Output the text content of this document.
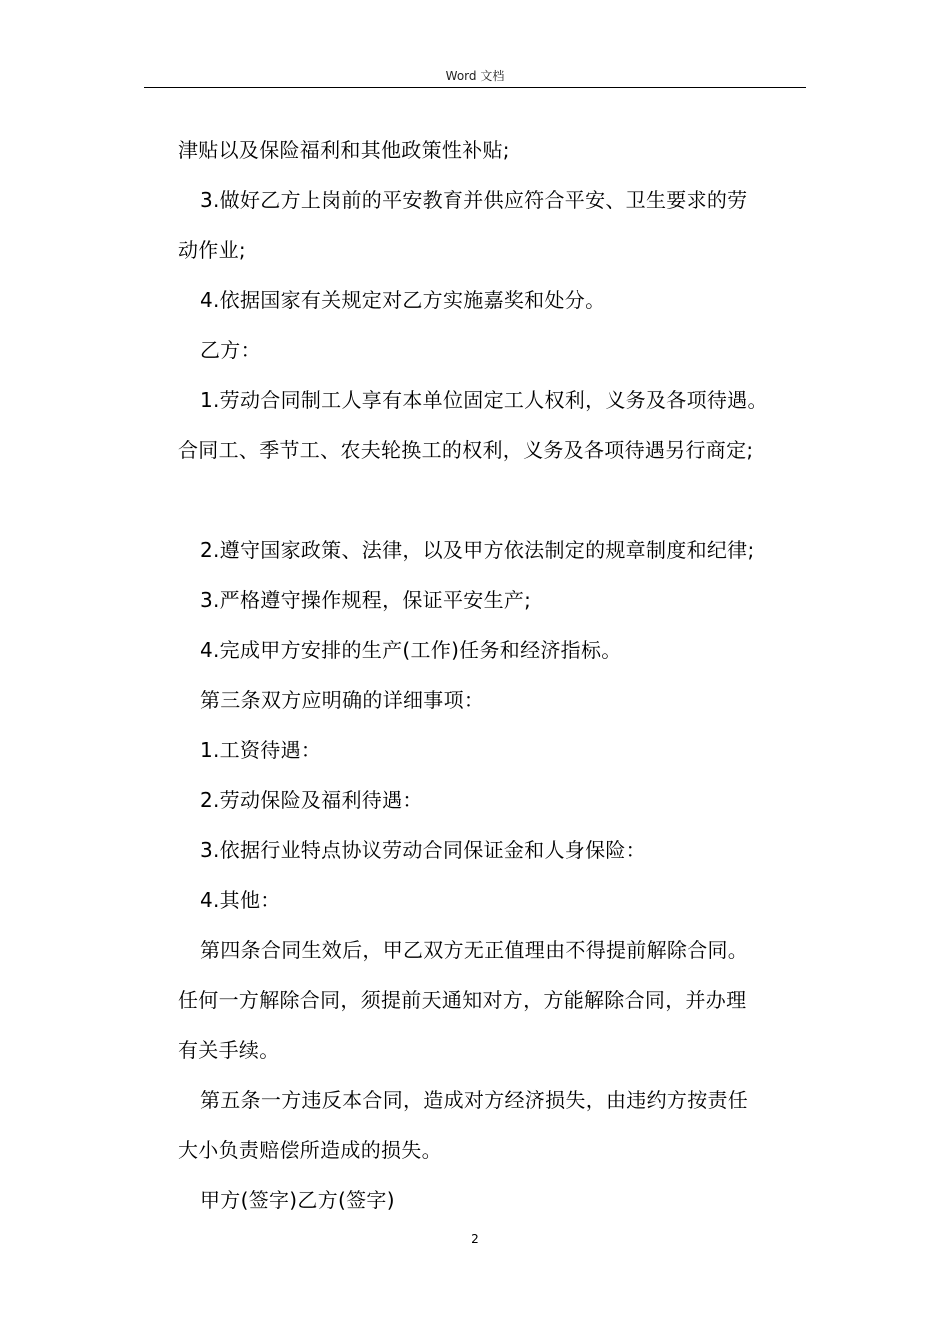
Word 文档
津贴以及保险福利和其他政策性补贴;
3.做好乙方上岗前的平安教育并供应符合平安、卫生要求的劳
动作业;
4.依据国家有关规定对乙方实施嘉奖和处分。
乙方：
1.劳动合同制工人享有本单位固定工人权利，义务及各项待遇。
合同工、季节工、农夫轮换工的权利，义务及各项待遇另行商定;
2.遵守国家政策、法律，以及甲方依法制定的规章制度和纪律;
3.严格遵守操作规程，保证平安生产;
4.完成甲方安排的生产(工作)任务和经济指标。
第三条双方应明确的详细事项：
1.工资待遇：
2.劳动保险及福利待遇：
3.依据行业特点协议劳动合同保证金和人身保险：
4.其他：
第四条合同生效后，甲乙双方无正值理由不得提前解除合同。
任何一方解除合同，须提前天通知对方，方能解除合同，并办理
有关手续。
第五条一方违反本合同，造成对方经济损失，由违约方按责任
大小负责赔偿所造成的损失。
甲方(签字)乙方(签字)
2
